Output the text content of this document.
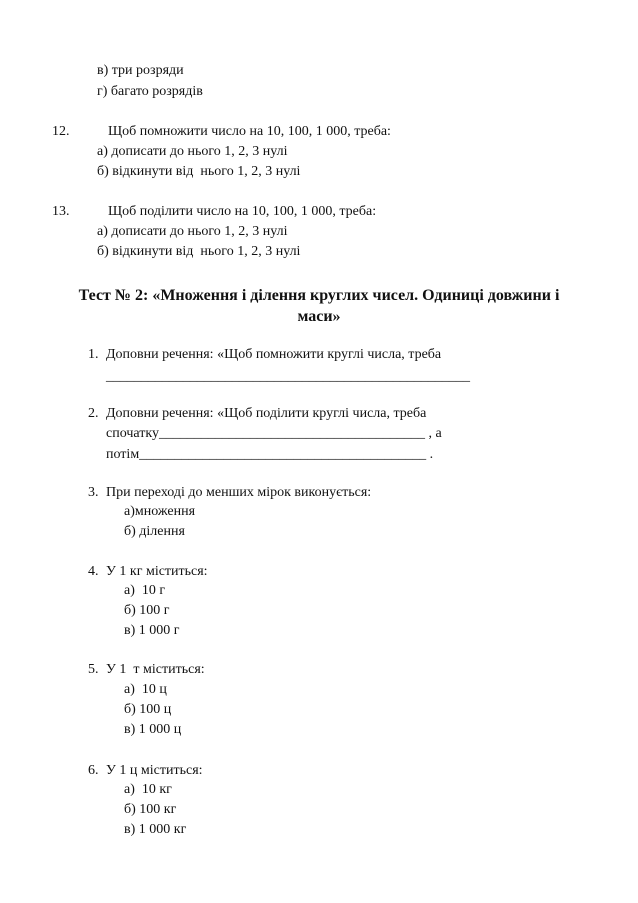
в) три розряди
г) багато розрядів
12.	Щоб помножити число на 10, 100, 1 000, треба:
а) дописати до нього 1, 2, 3 нулі
б) відкинути від  нього 1, 2, 3 нулі
13.	Щоб поділити число на 10, 100, 1 000, треба:
а) дописати до нього 1, 2, 3 нулі
б) відкинути від  нього 1, 2, 3 нулі
Тест № 2: «Множення і ділення круглих чисел. Одиниці довжини і
маси»
1. Доповни речення: «Щоб помножити круглі числа, треба
____________________________________________________
2. Доповни речення: «Щоб поділити круглі числа, треба
спочатку______________________________________ , а
потім_________________________________________ .
3. При переході до менших мірок виконується:
а)множення
б) ділення
4. У 1 кг міститься:
а)  10 г
б) 100 г
в) 1 000 г
5. У 1  т міститься:
а)  10 ц
б) 100 ц
в) 1 000 ц
6. У 1 ц міститься:
а)  10 кг
б) 100 кг
в) 1 000 кг
